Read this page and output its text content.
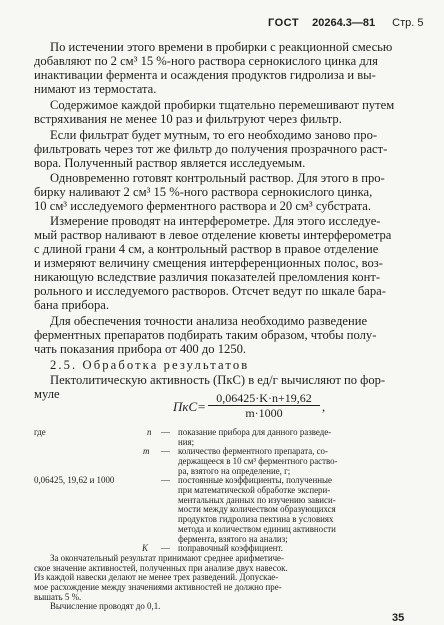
ГОСТ 20264.3—81 Стр. 5
По истечении этого времени в пробирки с реакционной смесью
добавляют по 2 см³ 15 %-ного раствора сернокислого цинка для
инактивации фермента и осаждения продуктов гидролиза и вы-
нимают из термостата.
Содержимое каждой пробирки тщательно перемешивают путем
встряхивания не менее 10 раз и фильтруют через фильтр.
Если фильтрат будет мутным, то его необходимо заново про-
фильтровать через тот же фильтр до получения прозрачного раст-
вора. Полученный раствор является исследуемым.
Одновременно готовят контрольный раствор. Для этого в про-
бирку наливают 2 см³ 15 %-ного раствора сернокислого цинка,
10 см³ исследуемого ферментного раствора и 20 см³ субстрата.
Измерение проводят на интерферометре. Для этого исследуе-
мый раствор наливают в левое отделение кюветы интерферометра
с длиной грани 4 см, а контрольный раствор в правое отделение
и измеряют величину смещения интерференционных полос, воз-
никающую вследствие различия показателей преломления конт-
рольного и исследуемого растворов. Отсчет ведут по шкале бара-
бана прибора.
Для обеспечения точности анализа необходимо разведение
ферментных препаратов подбирать таким образом, чтобы полу-
чать показания прибора от 400 до 1250.
2.5. Обработка результатов
Пектолитическую активность (ПкС) в ед/г вычисляют по фор-
муле
$ПкС= \frac{0,06425\cdot K\cdot n+19,62}{m\cdot 1000}$ ,
где	n — показание прибора для данного разведе-
ния;
m — количество ферментного препарата, со-
держащееся в 10 см³ ферментного раство-
ра, взятого на определение, г;
0,06425, 19,62 и 1000	— постоянные коэффициенты, полученные
при математической обработке экспери-
ментальных данных по изучению зависи-
мости между количеством образующихся
продуктов гидролиза пектина в условиях
метода и количеством единиц активности
фермента, взятого на анализ;
K — поправочный коэффициент.
За окончательный результат принимают среднее арифметиче-
ское значение активностей, полученных при анализе двух навесок.
Из каждой навески делают не менее трех разведений. Допускае-
мое расхождение между значениями активностей не должно пре-
вышать 5 %.
Вычисление проводят до 0,1.
35
